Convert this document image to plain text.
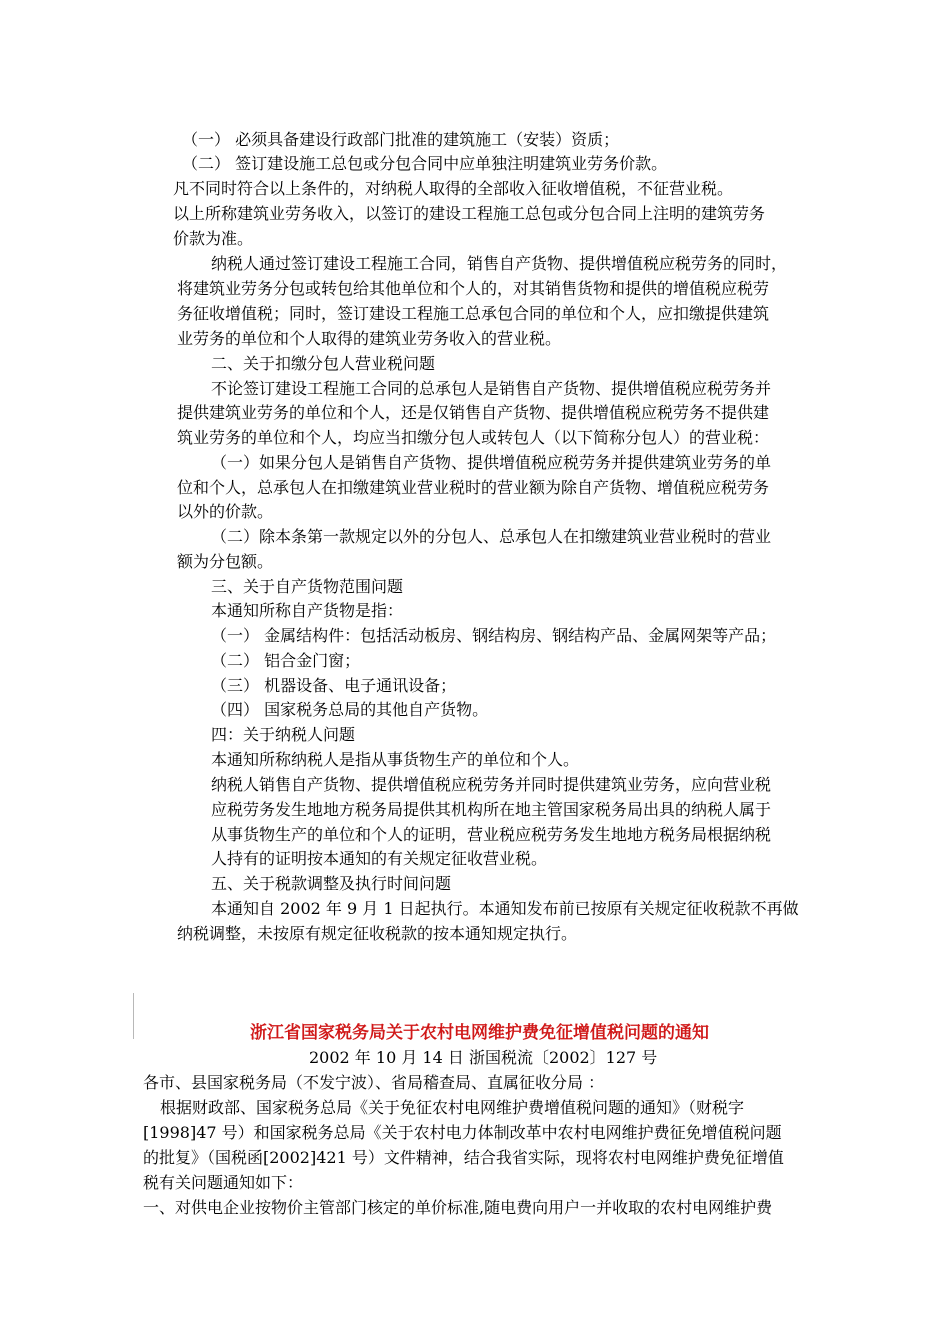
（一） 必须具备建设行政部门批准的建筑施工（安装）资质；
（二） 签订建设施工总包或分包合同中应单独注明建筑业劳务价款。
凡不同时符合以上条件的，对纳税人取得的全部收入征收增值税，不征营业税。
以上所称建筑业劳务收入，以签订的建设工程施工总包或分包合同上注明的建筑劳务
价款为准。
纳税人通过签订建设工程施工合同，销售自产货物、提供增值税应税劳务的同时，
将建筑业劳务分包或转包给其他单位和个人的，对其销售货物和提供的增值税应税劳
务征收增值税；同时，签订建设工程施工总承包合同的单位和个人，应扣缴提供建筑
业劳务的单位和个人取得的建筑业劳务收入的营业税。
二、关于扣缴分包人营业税问题
不论签订建设工程施工合同的总承包人是销售自产货物、提供增值税应税劳务并
提供建筑业劳务的单位和个人，还是仅销售自产货物、提供增值税应税劳务不提供建
筑业劳务的单位和个人，均应当扣缴分包人或转包人（以下简称分包人）的营业税：
（一）如果分包人是销售自产货物、提供增值税应税劳务并提供建筑业劳务的单
位和个人，总承包人在扣缴建筑业营业税时的营业额为除自产货物、增值税应税劳务
以外的价款。
（二）除本条第一款规定以外的分包人、总承包人在扣缴建筑业营业税时的营业
额为分包额。
三、关于自产货物范围问题
本通知所称自产货物是指：
（一） 金属结构件：包括活动板房、钢结构房、钢结构产品、金属网架等产品；
（二） 铝合金门窗；
（三） 机器设备、电子通讯设备；
（四） 国家税务总局的其他自产货物。
四：关于纳税人问题
本通知所称纳税人是指从事货物生产的单位和个人。
纳税人销售自产货物、提供增值税应税劳务并同时提供建筑业劳务，应向营业税
应税劳务发生地地方税务局提供其机构所在地主管国家税务局出具的纳税人属于
从事货物生产的单位和个人的证明，营业税应税劳务发生地地方税务局根据纳税
人持有的证明按本通知的有关规定征收营业税。
五、关于税款调整及执行时间问题
本通知自 2002 年 9 月 1 日起执行。本通知发布前已按原有关规定征收税款不再做
纳税调整，未按原有规定征收税款的按本通知规定执行。
浙江省国家税务局关于农村电网维护费免征增值税问题的通知
2002 年 10 月 14 日 浙国税流〔2002〕127 号
各市、县国家税务局（不发宁波）、省局稽查局、直属征收分局 ：
根据财政部、国家税务总局《关于免征农村电网维护费增值税问题的通知》（财税字
[1998]47 号）和国家税务总局《关于农村电力体制改革中农村电网维护费征免增值税问题
的批复》（国税函[2002]421 号）文件精神，结合我省实际，现将农村电网维护费免征增值
税有关问题通知如下：
一、对供电企业按物价主管部门核定的单价标准,随电费向用户一并收取的农村电网维护费
